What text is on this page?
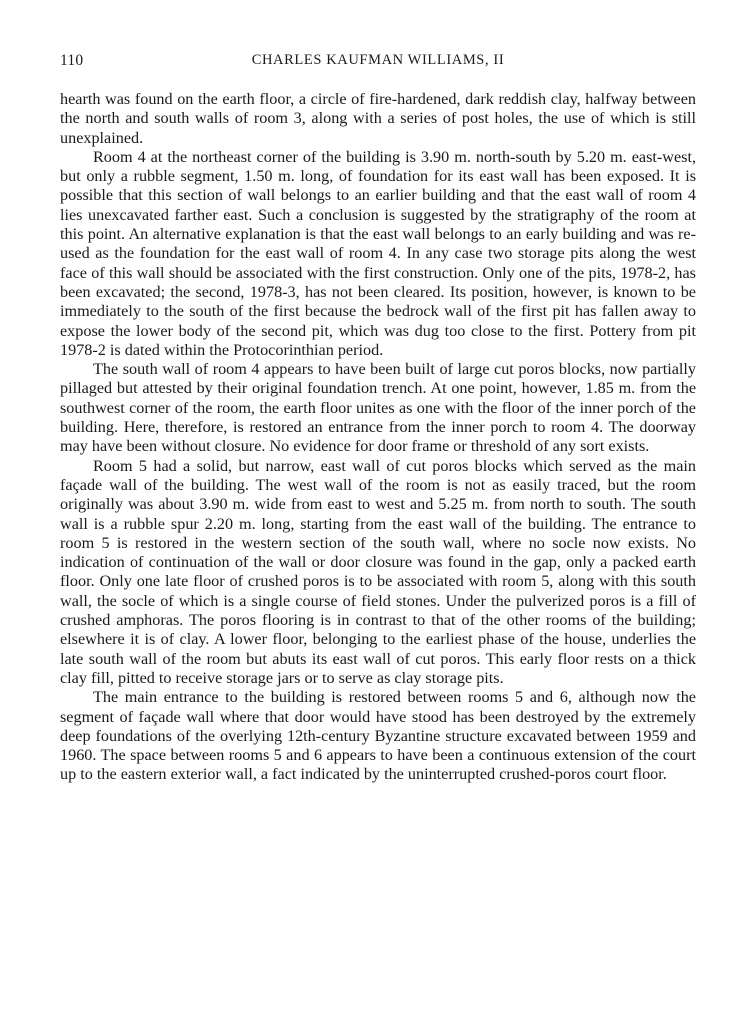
110	CHARLES KAUFMAN WILLIAMS, II

hearth was found on the earth floor, a circle of fire-hardened, dark reddish clay, halfway between the north and south walls of room 3, along with a series of post holes, the use of which is still unexplained.

Room 4 at the northeast corner of the building is 3.90 m. north-south by 5.20 m. east-west, but only a rubble segment, 1.50 m. long, of foundation for its east wall has been exposed. It is possible that this section of wall belongs to an earlier building and that the east wall of room 4 lies unexcavated farther east. Such a conclusion is suggested by the stratigraphy of the room at this point. An alternative explanation is that the east wall belongs to an early building and was re-used as the foundation for the east wall of room 4. In any case two storage pits along the west face of this wall should be associated with the first construction. Only one of the pits, 1978-2, has been excavated; the second, 1978-3, has not been cleared. Its position, however, is known to be immediately to the south of the first because the bedrock wall of the first pit has fallen away to expose the lower body of the second pit, which was dug too close to the first. Pottery from pit 1978-2 is dated within the Protocorinthian period.

The south wall of room 4 appears to have been built of large cut poros blocks, now partially pillaged but attested by their original foundation trench. At one point, however, 1.85 m. from the southwest corner of the room, the earth floor unites as one with the floor of the inner porch of the building. Here, therefore, is restored an entrance from the inner porch to room 4. The doorway may have been without closure. No evidence for door frame or threshold of any sort exists.

Room 5 had a solid, but narrow, east wall of cut poros blocks which served as the main façade wall of the building. The west wall of the room is not as easily traced, but the room originally was about 3.90 m. wide from east to west and 5.25 m. from north to south. The south wall is a rubble spur 2.20 m. long, starting from the east wall of the building. The entrance to room 5 is restored in the western section of the south wall, where no socle now exists. No indication of continuation of the wall or door closure was found in the gap, only a packed earth floor. Only one late floor of crushed poros is to be associated with room 5, along with this south wall, the socle of which is a single course of field stones. Under the pulverized poros is a fill of crushed amphoras. The poros flooring is in contrast to that of the other rooms of the building; elsewhere it is of clay. A lower floor, belonging to the earliest phase of the house, underlies the late south wall of the room but abuts its east wall of cut poros. This early floor rests on a thick clay fill, pitted to receive storage jars or to serve as clay storage pits.

The main entrance to the building is restored between rooms 5 and 6, although now the segment of façade wall where that door would have stood has been destroyed by the extremely deep foundations of the overlying 12th-century Byzantine structure excavated between 1959 and 1960. The space between rooms 5 and 6 appears to have been a continuous extension of the court up to the eastern exterior wall, a fact indicated by the uninterrupted crushed-poros court floor.
